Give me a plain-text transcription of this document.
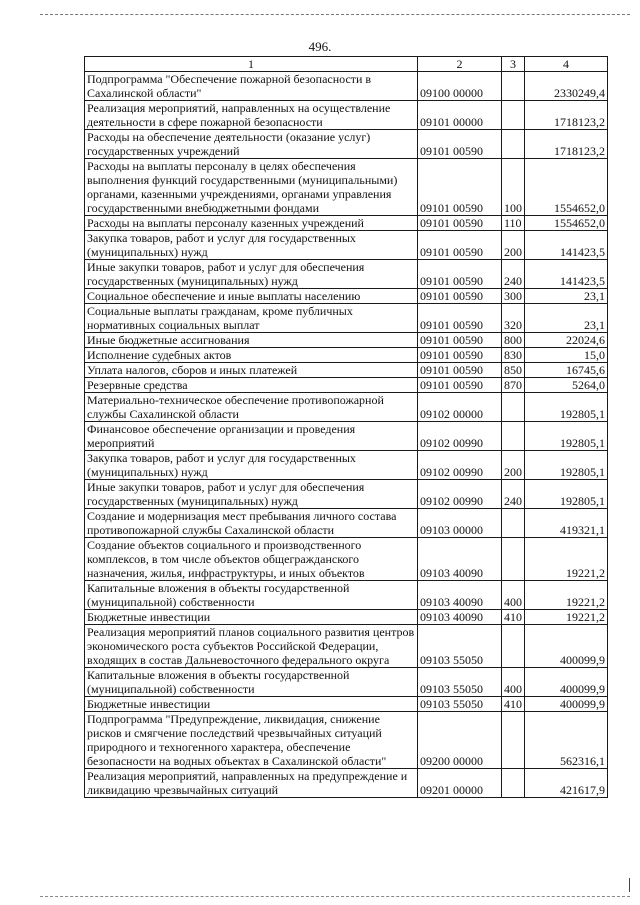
496.
1	2	3	4
Подпрограмма "Обеспечение пожарной безопасности в Сахалинской области"	09100 00000		2330249,4
Реализация мероприятий, направленных на осуществление деятельности в сфере пожарной безопасности	09101 00000		1718123,2
Расходы на обеспечение деятельности (оказание услуг) государственных учреждений	09101 00590		1718123,2
Расходы на выплаты персоналу в целях обеспечения выполнения функций государственными (муниципальными) органами, казенными учреждениями, органами управления государственными внебюджетными фондами	09101 00590	100	1554652,0
Расходы на выплаты персоналу казенных учреждений	09101 00590	110	1554652,0
Закупка товаров, работ и услуг для государственных (муниципальных) нужд	09101 00590	200	141423,5
Иные закупки товаров, работ и услуг для обеспечения государственных (муниципальных) нужд	09101 00590	240	141423,5
Социальное обеспечение и иные выплаты населению	09101 00590	300	23,1
Социальные выплаты гражданам, кроме публичных нормативных социальных выплат	09101 00590	320	23,1
Иные бюджетные ассигнования	09101 00590	800	22024,6
Исполнение судебных актов	09101 00590	830	15,0
Уплата налогов, сборов и иных платежей	09101 00590	850	16745,6
Резервные средства	09101 00590	870	5264,0
Материально-техническое обеспечение противопожарной службы Сахалинской области	09102 00000		192805,1
Финансовое обеспечение организации и проведения мероприятий	09102 00990		192805,1
Закупка товаров, работ и услуг для государственных (муниципальных) нужд	09102 00990	200	192805,1
Иные закупки товаров, работ и услуг для обеспечения государственных (муниципальных) нужд	09102 00990	240	192805,1
Создание и модернизация мест пребывания личного состава противопожарной службы Сахалинской области	09103 00000		419321,1
Создание объектов социального и производственного комплексов, в том числе объектов общегражданского назначения, жилья, инфраструктуры, и иных объектов	09103 40090		19221,2
Капитальные вложения в объекты государственной (муниципальной) собственности	09103 40090	400	19221,2
Бюджетные инвестиции	09103 40090	410	19221,2
Реализация мероприятий планов социального развития центров экономического роста субъектов Российской Федерации, входящих в состав Дальневосточного федерального округа	09103 55050		400099,9
Капитальные вложения в объекты государственной (муниципальной) собственности	09103 55050	400	400099,9
Бюджетные инвестиции	09103 55050	410	400099,9
Подпрограмма "Предупреждение, ликвидация, снижение рисков и смягчение последствий чрезвычайных ситуаций природного и техногенного характера, обеспечение безопасности на водных объектах в Сахалинской области"	09200 00000		562316,1
Реализация мероприятий, направленных на предупреждение и ликвидацию чрезвычайных ситуаций	09201 00000		421617,9
